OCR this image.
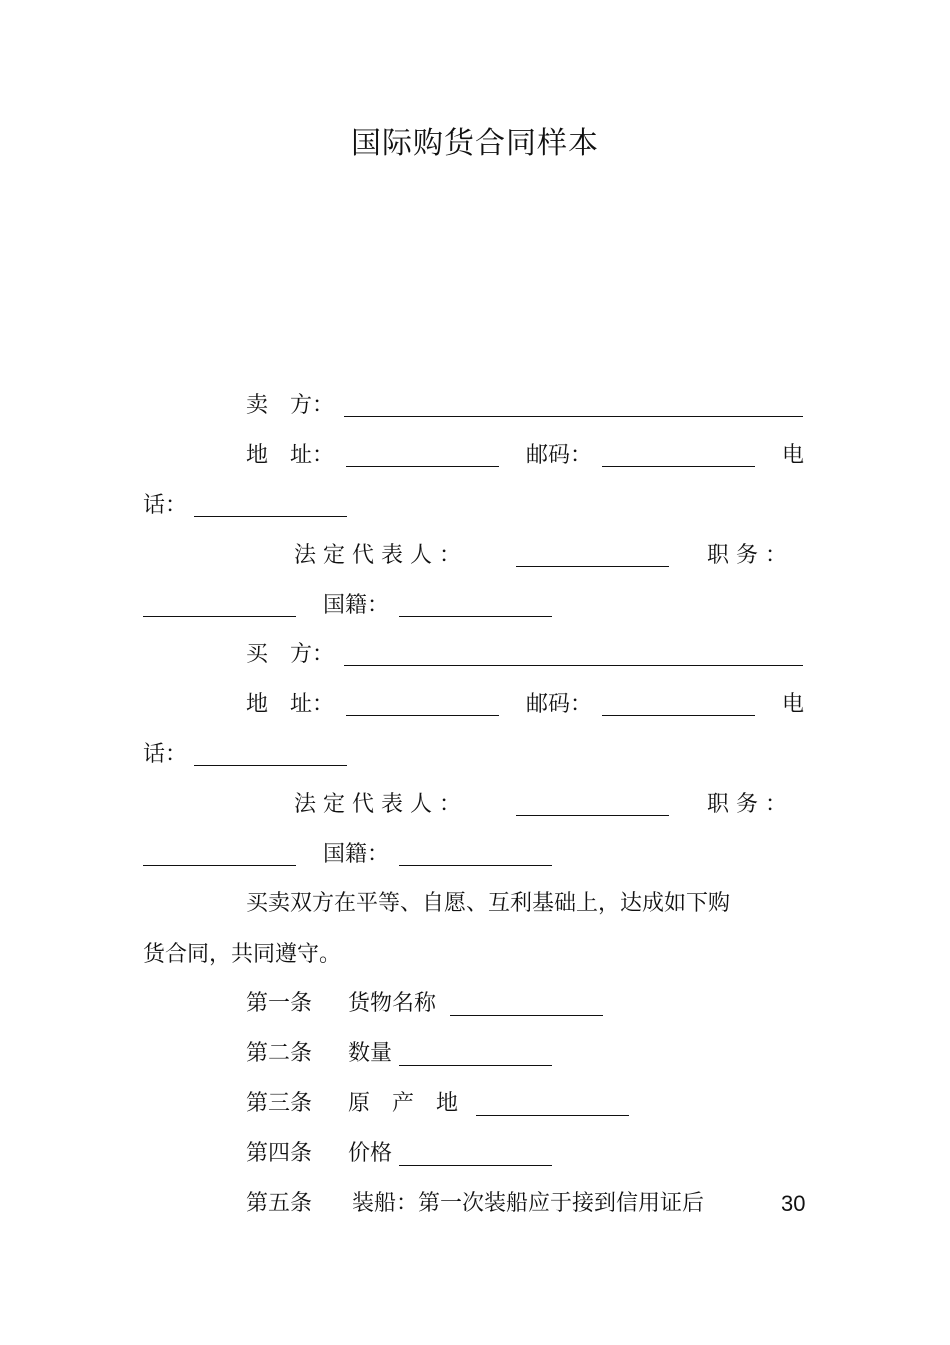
国际购货合同样本
卖　方：
地　址：	邮码：	电
话：
法 定 代 表 人 ：	职 务 ：
国籍：
买　方：
地　址：	邮码：	电
话：
法 定 代 表 人 ：	职 务 ：
国籍：
买卖双方在平等、自愿、互利基础上，达成如下购
货合同，共同遵守。
第一条 货物名称
第二条 数量
第三条 原　产　地
第四条 价格
第五条 装船：第一次装船应于接到信用证后	30
